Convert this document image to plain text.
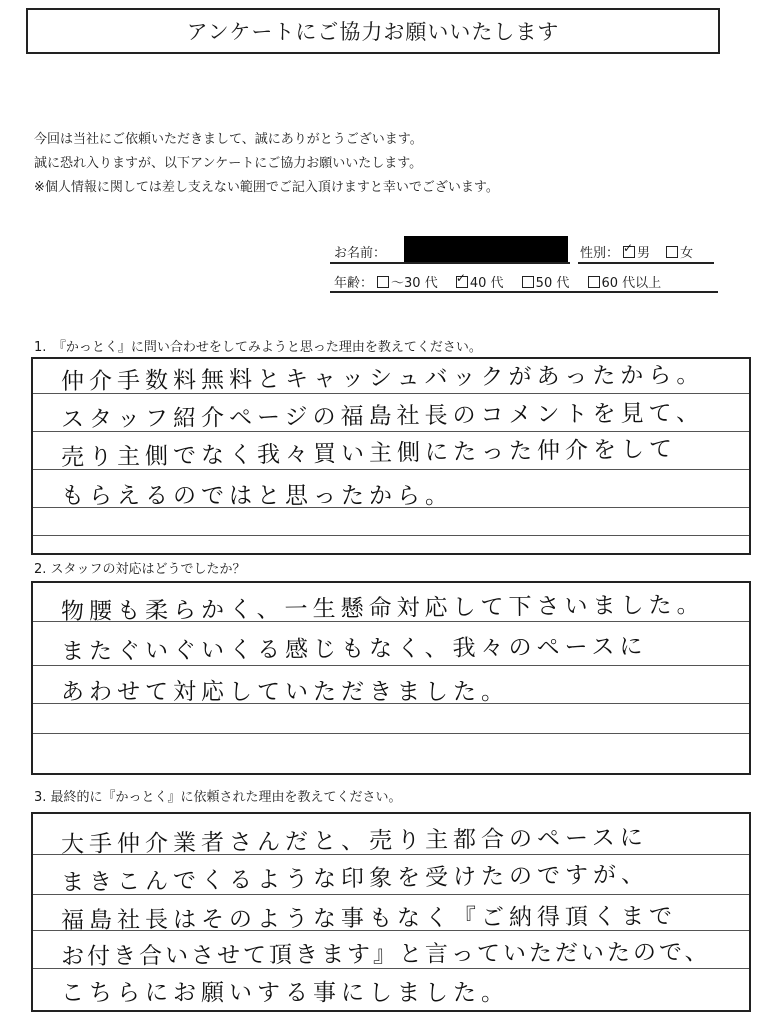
アンケートにご協力お願いいたします
今回は当社にご依頼いただきまして、誠にありがとうございます。
誠に恐れ入りますが、以下アンケートにご協力お願いいたします。
※個人情報に関しては差し支えない範囲でご記入頂けますと幸いでございます。
お名前：	性別： ✓ 男 女
年齢： ～30 代 ✓ 40 代 50 代 60 代以上
1.　『かっとく』に問い合わせをしてみようと思った理由を教えてください。
仲介手数料無料とキャッシュバックがあったから。
スタッフ紹介ページの福島社長のコメントを見て、
売り主側でなく我々買い主側にたった仲介をして
もらえるのではと思ったから。
2. スタッフの対応はどうでしたか？
物腰も柔らかく、一生懸命対応して下さいました。
またぐいぐいくる感じもなく、我々のペースに
あわせて対応していただきました。
3. 最終的に『かっとく』に依頼された理由を教えてください。
大手仲介業者さんだと、売り主都合のペースに
まきこんでくるような印象を受けたのですが、
福島社長はそのような事もなく『ご納得頂くまで
お付き合いさせて頂きます』と言っていただいたので、
こちらにお願いする事にしました。
